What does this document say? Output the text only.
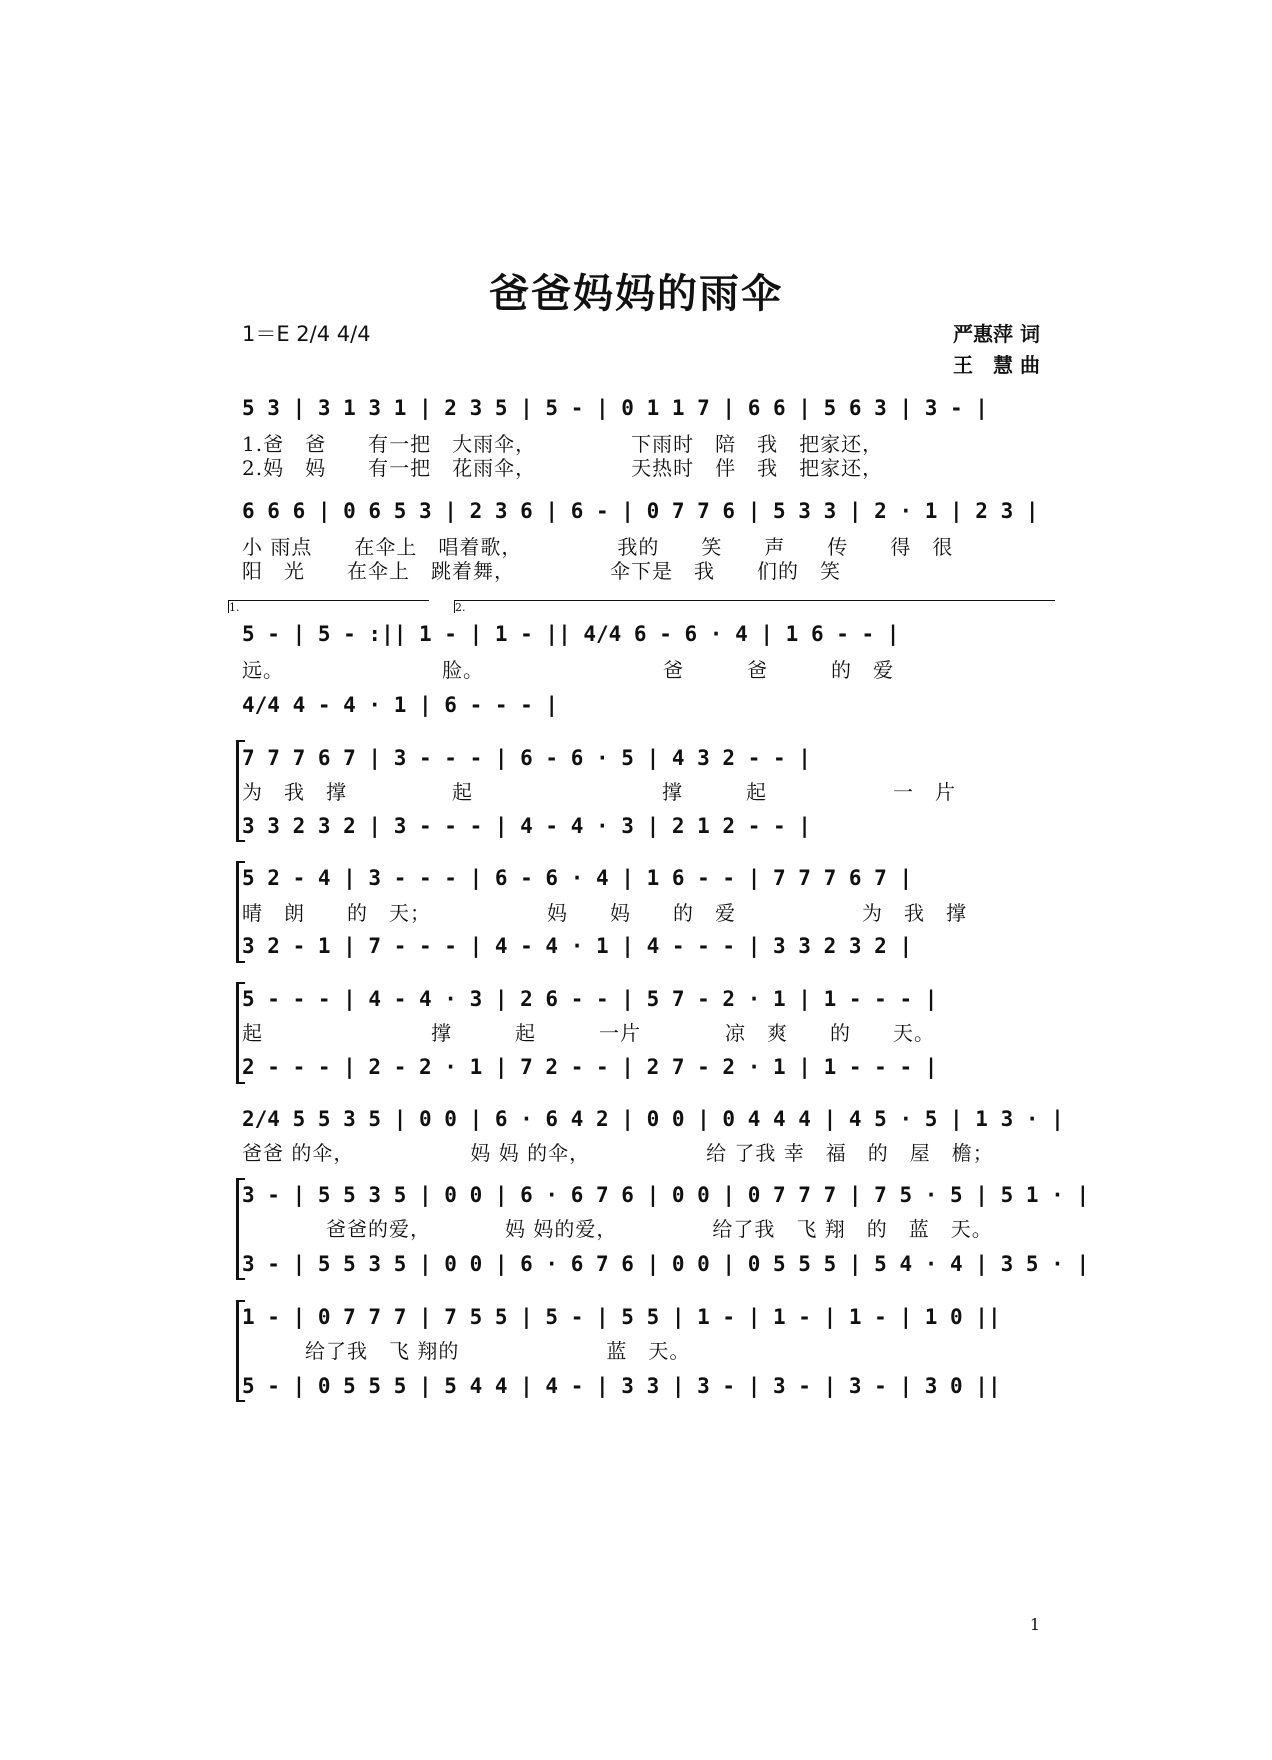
爸爸妈妈的雨伞
1＝E 2/4 4/4	严惠萍 词
王　慧 曲
5 3 | 3 1 3 1 | 2 3 5 | 5 - | 0 1 1 7 | 6 6 | 5 6 3 | 3 - |
1.爸　爸　　有一把　大雨伞，　　　　　下雨时　陪　我　把家还，
2.妈　妈　　有一把　花雨伞，　　　　　天热时　伴　我　把家还，
6 6 6 | 0 6 5 3 | 2 3 6 | 6 - | 0 7 7 6 | 5 3 3 | 2 · 1 | 2 3 |
小 雨点　　在伞上　唱着歌，　　　　　我的　　笑　　声　　传　　得　很
阳　光　　在伞上　跳着舞，　　　　　伞下是　我　　们的　笑
1.	2.
5 - | 5 - :|| 1 - | 1 - || 4/4 6 - 6 · 4 | 1 6 - - |
远。　　　　　　　　脸。　　　　　　　　　爸　　　爸　　　的　爱
4/4 4 - 4 · 1 | 6 - - - |
7 7 7 6 7 | 3 - - - | 6 - 6 · 5 | 4 3 2 - - |
为　我　撑　　　　　起　　　　　　　　　撑　　　起　　　　　　一　片
3 3 2 3 2 | 3 - - - | 4 - 4 · 3 | 2 1 2 - - |
5 2 - 4 | 3 - - - | 6 - 6 · 4 | 1 6 - - | 7 7 7 6 7 |
晴　朗　　的　天；　　　　　　妈　　妈　　的　爱　　　　　　为　我　撑
3 2 - 1 | 7 - - - | 4 - 4 · 1 | 4 - - - | 3 3 2 3 2 |
5 - - - | 4 - 4 · 3 | 2 6 - - | 5 7 - 2 · 1 | 1 - - - |
起　　　　　　　　撑　　　起　　　一片　　　　凉　爽　　的　　天。
2 - - - | 2 - 2 · 1 | 7 2 - - | 2 7 - 2 · 1 | 1 - - - |
2/4 5 5 3 5 | 0 0 | 6 · 6 4 2 | 0 0 | 0 4 4 4 | 4 5 · 5 | 1 3 · |
爸爸 的伞，　　　　　　妈 妈 的伞，　　　　　　给 了我 幸　福　的　屋　檐；
3 - | 5 5 3 5 | 0 0 | 6 · 6 7 6 | 0 0 | 0 7 7 7 | 7 5 · 5 | 5 1 · |
　　　　爸爸的爱，　　　　妈 妈的爱，　　　　　给了我　飞 翔　的　蓝　天。
3 - | 5 5 3 5 | 0 0 | 6 · 6 7 6 | 0 0 | 0 5 5 5 | 5 4 · 4 | 3 5 · |
1 - | 0 7 7 7 | 7 5 5 | 5 - | 5 5 | 1 - | 1 - | 1 - | 1 0 ||
　　　给了我　飞 翔的　　　　　　　蓝　天。
5 - | 0 5 5 5 | 5 4 4 | 4 - | 3 3 | 3 - | 3 - | 3 - | 3 0 ||
1
